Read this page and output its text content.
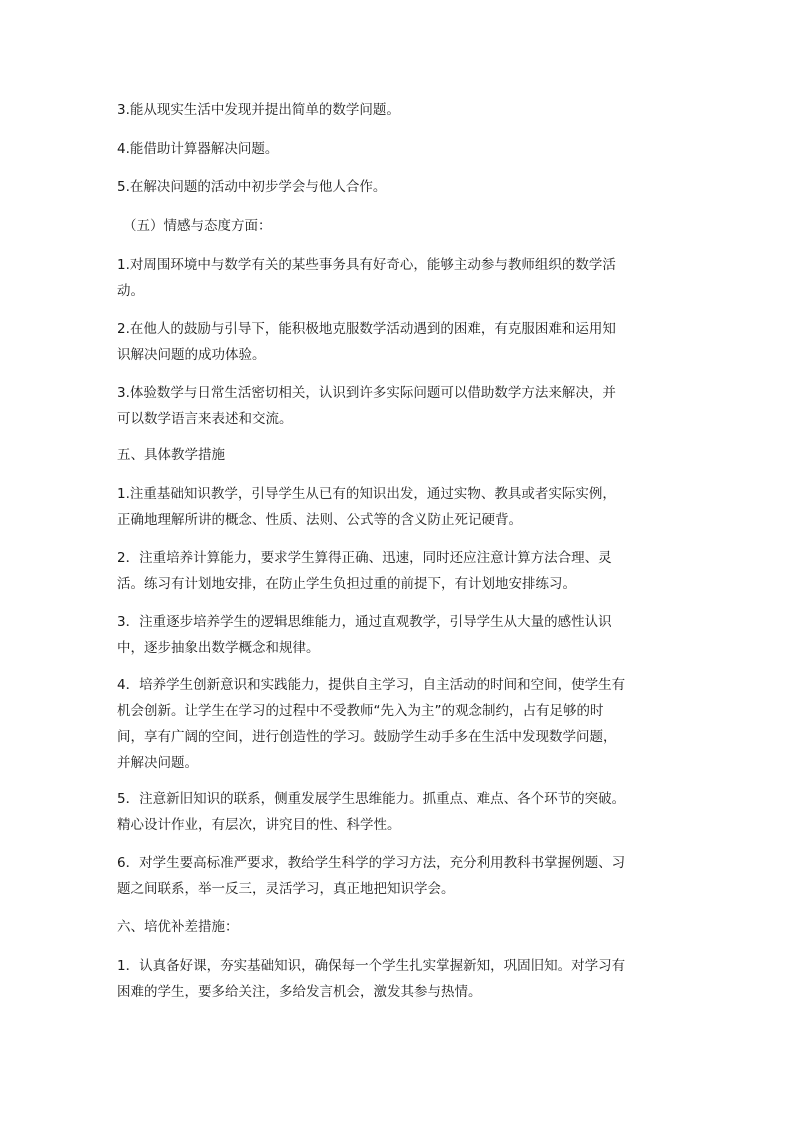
3.能从现实生活中发现并提出简单的数学问题。

4.能借助计算器解决问题。

5.在解决问题的活动中初步学会与他人合作。

（五）情感与态度方面：

1.对周围环境中与数学有关的某些事务具有好奇心，能够主动参与教师组织的数学活
动。

2.在他人的鼓励与引导下，能积极地克服数学活动遇到的困难，有克服困难和运用知
识解决问题的成功体验。

3.体验数学与日常生活密切相关，认识到许多实际问题可以借助数学方法来解决，并
可以数学语言来表述和交流。

五、具体教学措施

1.注重基础知识教学，引导学生从已有的知识出发，通过实物、教具或者实际实例，
正确地理解所讲的概念、性质、法则、公式等的含义防止死记硬背。

2．注重培养计算能力，要求学生算得正确、迅速，同时还应注意计算方法合理、灵
活。练习有计划地安排，在防止学生负担过重的前提下，有计划地安排练习。

3．注重逐步培养学生的逻辑思维能力，通过直观教学，引导学生从大量的感性认识
中，逐步抽象出数学概念和规律。

4．培养学生创新意识和实践能力，提供自主学习，自主活动的时间和空间，使学生有
机会创新。让学生在学习的过程中不受教师“先入为主”的观念制约，占有足够的时
间，享有广阔的空间，进行创造性的学习。鼓励学生动手多在生活中发现数学问题，
并解决问题。

5．注意新旧知识的联系，侧重发展学生思维能力。抓重点、难点、各个环节的突破。
精心设计作业，有层次，讲究目的性、科学性。

6．对学生要高标准严要求，教给学生科学的学习方法，充分利用教科书掌握例题、习
题之间联系，举一反三，灵活学习，真正地把知识学会。

六、培优补差措施：

1．认真备好课，夯实基础知识，确保每一个学生扎实掌握新知，巩固旧知。对学习有
困难的学生，要多给关注，多给发言机会，激发其参与热情。
